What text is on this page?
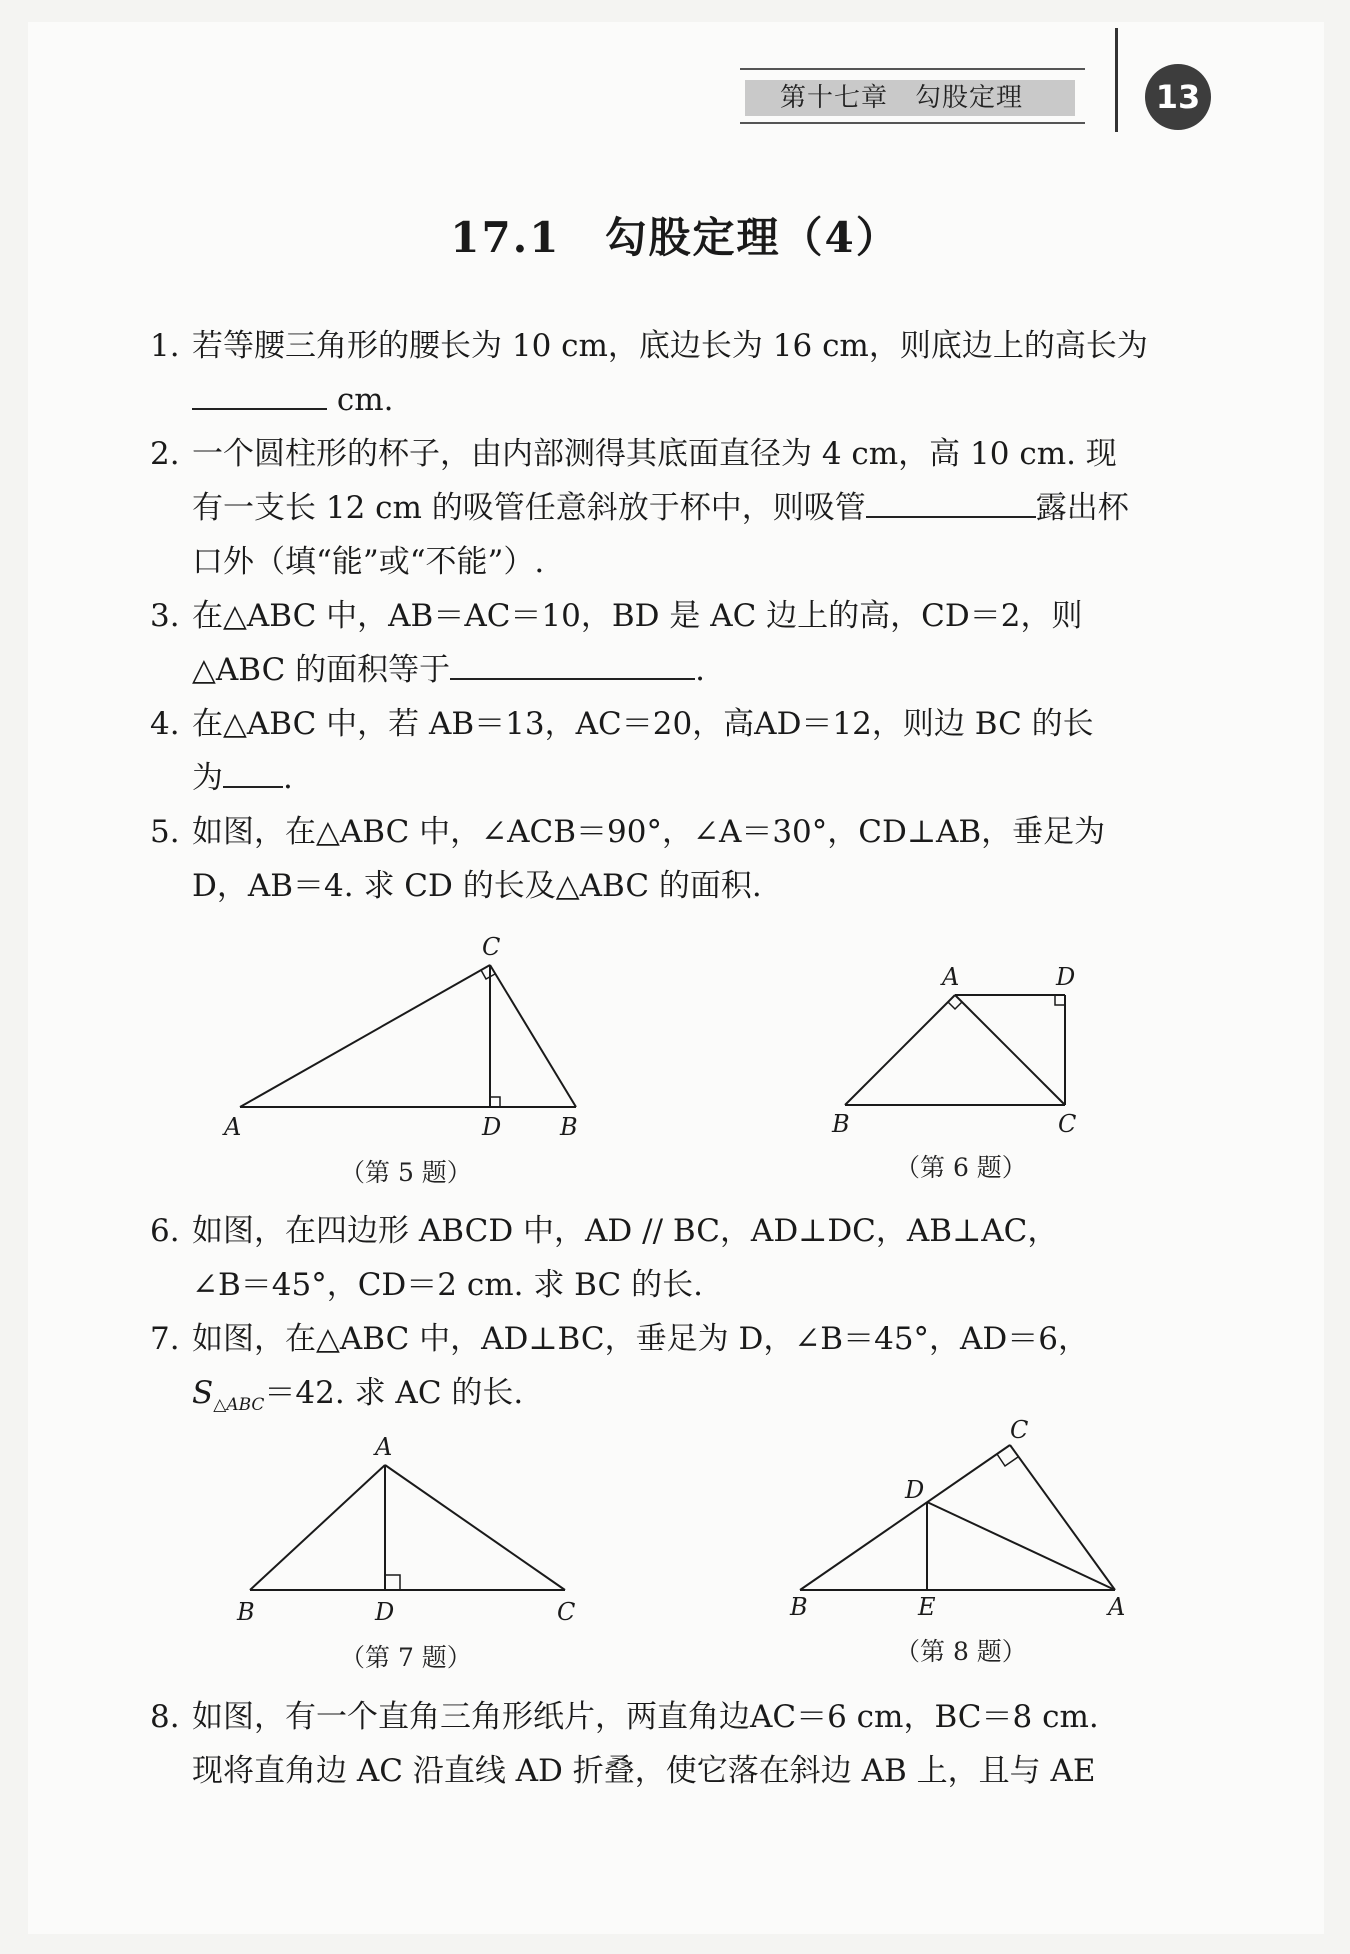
第十七章　勾股定理	13
17.1　勾股定理（4）
1. 若等腰三角形的腰长为 10 cm，底边长为 16 cm，则底边上的高长为
cm.
2. 一个圆柱形的杯子，由内部测得其底面直径为 4 cm，高 10 cm. 现
有一支长 12 cm 的吸管任意斜放于杯中，则吸管	露出杯
口外（填“能”或“不能”）.
3. 在△ABC 中，AB＝AC＝10，BD 是 AC 边上的高，CD＝2，则
△ABC 的面积等于	.
4. 在△ABC 中，若 AB＝13，AC＝20，高AD＝12，则边 BC 的长
为 .
5. 如图，在△ABC 中，∠ACB＝90°，∠A＝30°，CD⊥AB，垂足为
D，AB＝4. 求 CD 的长及△ABC 的面积.
A	B
C
D
（第 5 题）
A	D
B	C
（第 6 题）
6. 如图，在四边形 ABCD 中，AD // BC，AD⊥DC，AB⊥AC，
∠B＝45°，CD＝2 cm. 求 BC 的长.
7. 如图，在△ABC 中，AD⊥BC，垂足为 D，∠B＝45°，AD＝6，
$S_{\triangle ABC}=42$. 求 AC 的长.
A
B	D	C
（第 7 题）
C
D
B	E	A
（第 8 题）
8. 如图，有一个直角三角形纸片，两直角边AC＝6 cm，BC＝8 cm.
现将直角边 AC 沿直线 AD 折叠，使它落在斜边 AB 上，且与 AE
